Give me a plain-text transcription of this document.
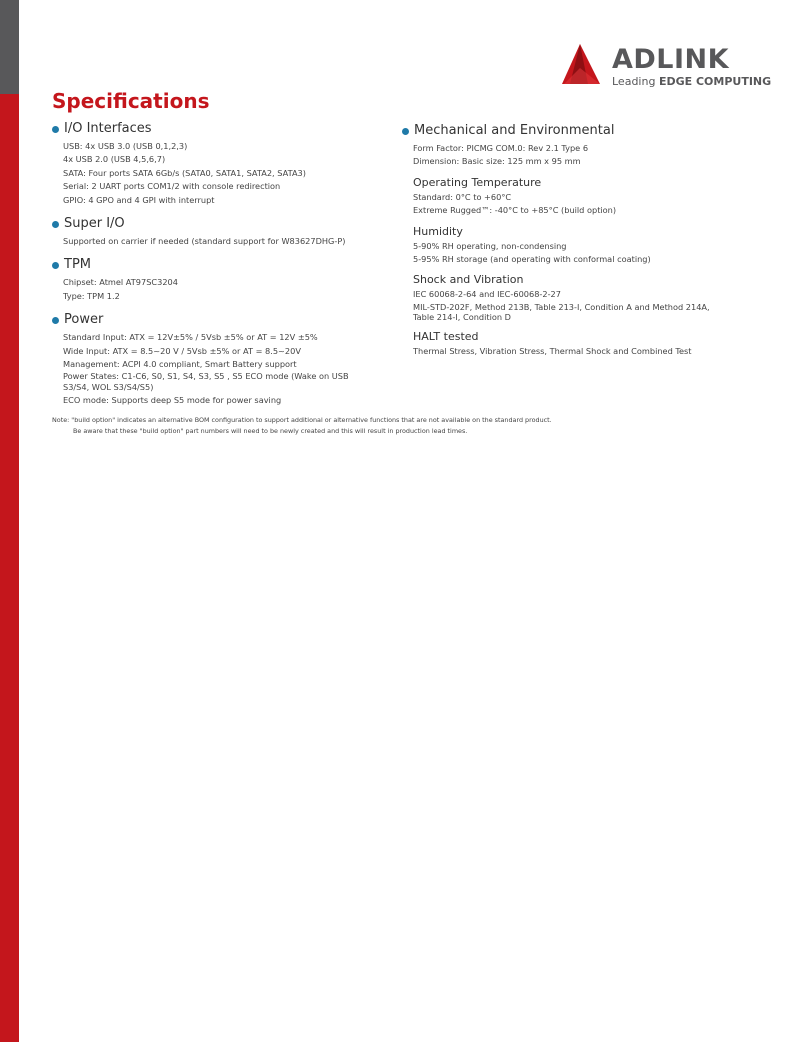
ADLINK
Leading EDGE COMPUTING
Specifications
I/O Interfaces
USB: 4x USB 3.0 (USB 0,1,2,3)
4x USB 2.0 (USB 4,5,6,7)
SATA: Four ports SATA 6Gb/s (SATA0, SATA1, SATA2, SATA3)
Serial: 2 UART ports COM1/2 with console redirection
GPIO: 4 GPO and 4 GPI with interrupt
Super I/O
Supported on carrier if needed (standard support for W83627DHG-P)
TPM
Chipset: Atmel AT97SC3204
Type: TPM 1.2
Power
Standard Input: ATX = 12V±5% / 5Vsb ±5% or AT = 12V ±5%
Wide Input: ATX = 8.5~20 V / 5Vsb ±5% or AT = 8.5~20V
Management: ACPI 4.0 compliant, Smart Battery support
Power States: C1-C6, S0, S1, S4, S3, S5 , S5 ECO mode (Wake on USB S3/S4, WOL S3/S4/S5)
ECO mode: Supports deep S5 mode for power saving
Mechanical and Environmental
Form Factor: PICMG COM.0: Rev 2.1 Type 6
Dimension: Basic size: 125 mm x 95 mm
Operating Temperature
Standard: 0°C to +60°C
Extreme Rugged™: -40°C to +85°C (build option)
Humidity
5-90% RH operating, non-condensing
5-95% RH storage (and operating with conformal coating)
Shock and Vibration
IEC 60068-2-64 and IEC-60068-2-27
MIL-STD-202F, Method 213B, Table 213-I, Condition A and Method 214A, Table 214-I, Condition D
HALT tested
Thermal Stress, Vibration Stress, Thermal Shock and Combined Test
Note: "build option" indicates an alternative BOM configuration to support additional or alternative functions that are not available on the standard product.
Be aware that these "build option" part numbers will need to be newly created and this will result in production lead times.
